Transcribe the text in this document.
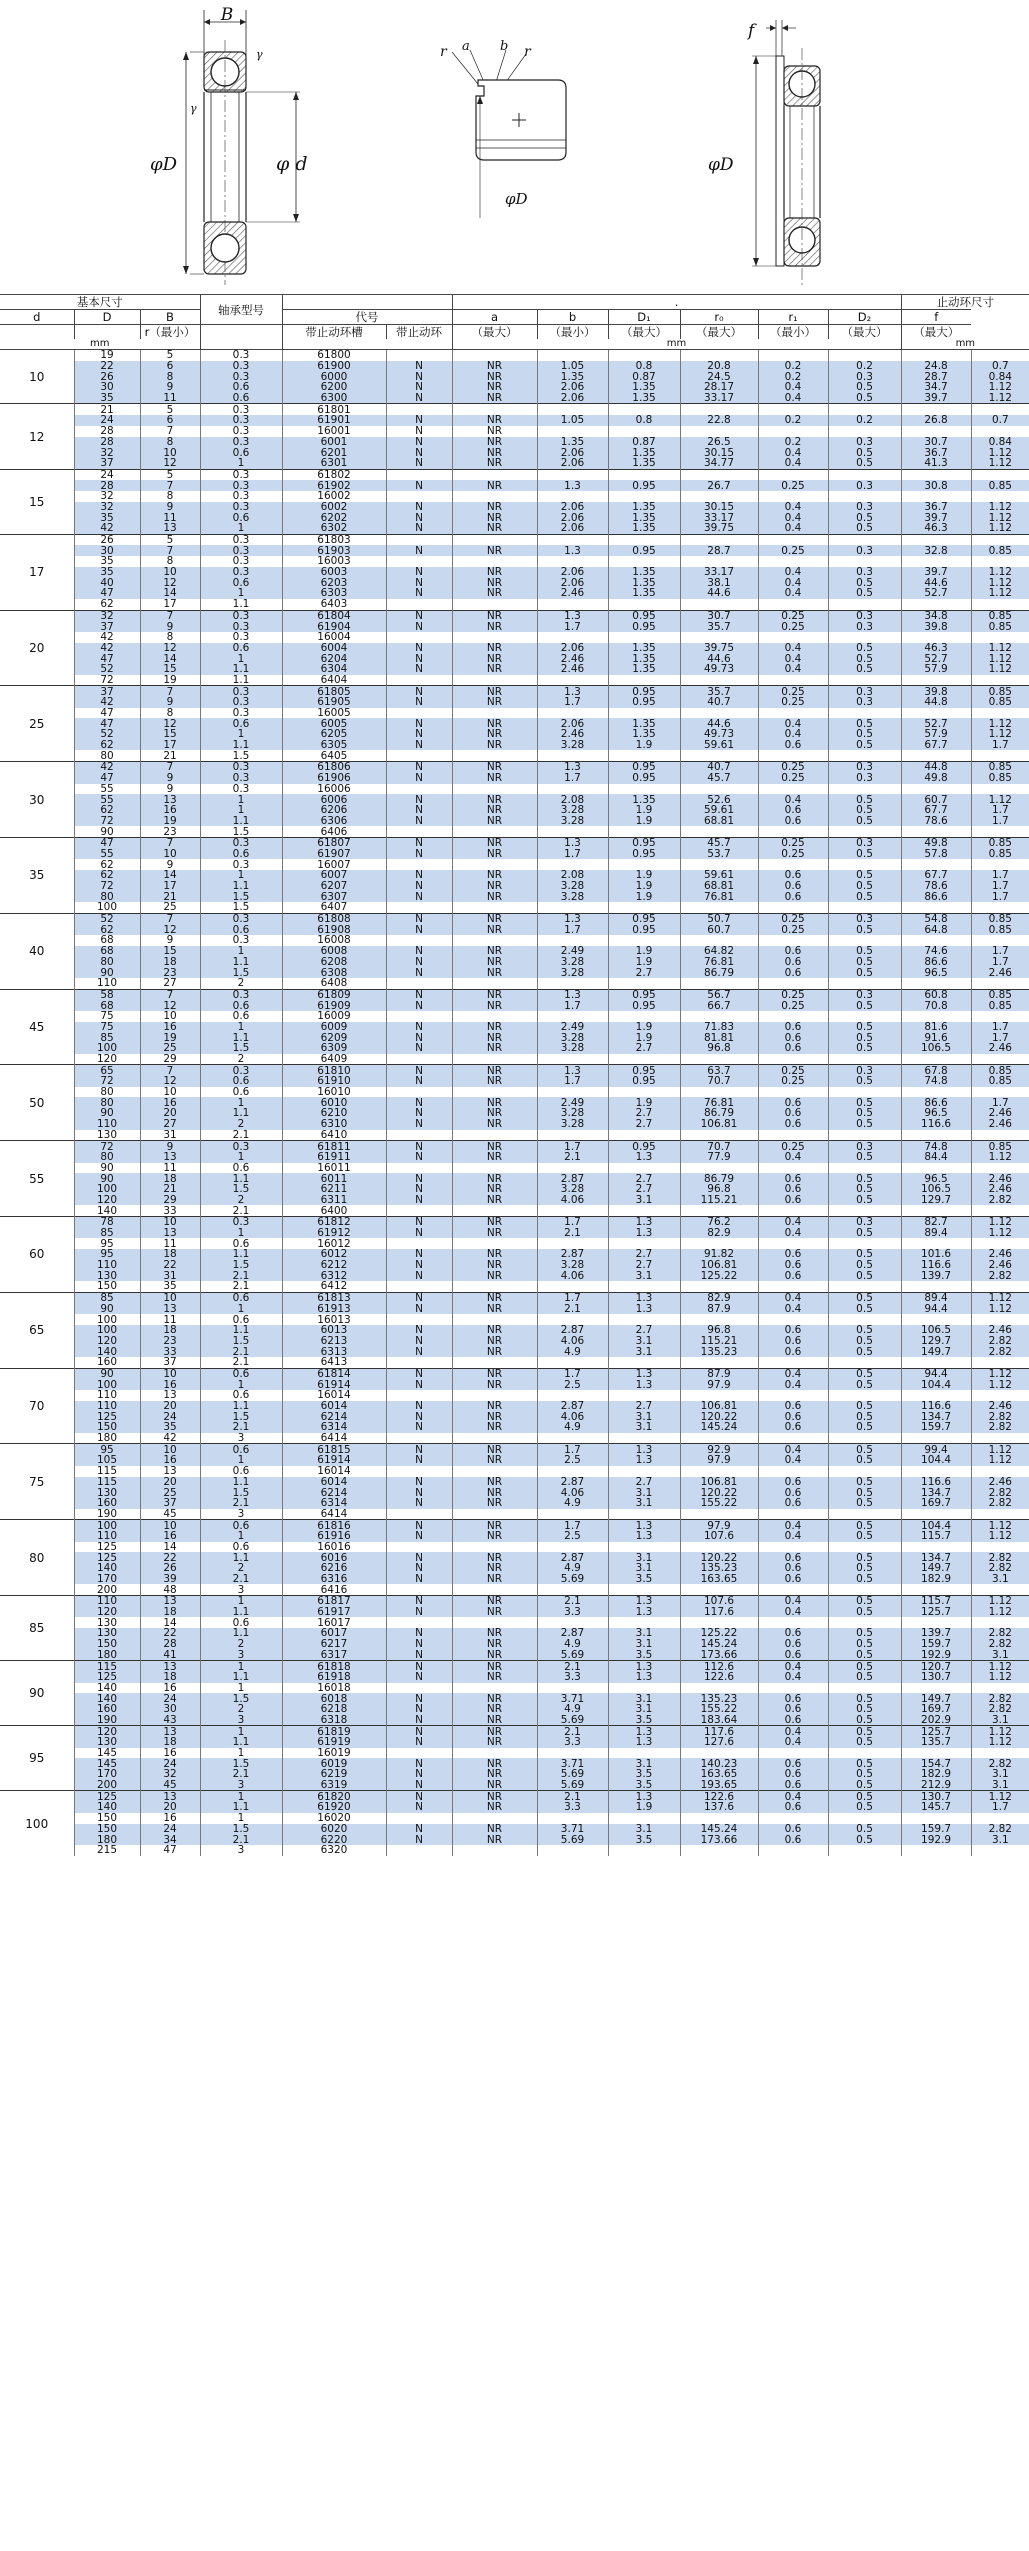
B
γ
γ
φD	φ d
r a b r
φD
f
φD
基本尺寸			轴承型号			.						止动环尺寸	
d	D	B		代号		a	b	D₁	r₀	r₁	D₂	f	
		r（最小）		带止动环槽	带止动环	（最大）	（最小）	（最大）	（最大）	（最小）	（最大）	（最大）	
mm						mm						mm	
10	19	5	0.3	61800									
	22	6	0.3	61900	N	NR	1.05	0.8	20.8	0.2	0.2	24.8	0.7
	26	8	0.3	6000	N	NR	1.35	0.87	24.5	0.2	0.3	28.7	0.84
	30	9	0.6	6200	N	NR	2.06	1.35	28.17	0.4	0.5	34.7	1.12
	35	11	0.6	6300	N	NR	2.06	1.35	33.17	0.4	0.5	39.7	1.12
12	21	5	0.3	61801									
	24	6	0.3	61901	N	NR	1.05	0.8	22.8	0.2	0.2	26.8	0.7
	28	7	0.3	16001	N	NR							
	28	8	0.3	6001	N	NR	1.35	0.87	26.5	0.2	0.3	30.7	0.84
	32	10	0.6	6201	N	NR	2.06	1.35	30.15	0.4	0.5	36.7	1.12
	37	12	1	6301	N	NR	2.06	1.35	34.77	0.4	0.5	41.3	1.12
15	24	5	0.3	61802									
	28	7	0.3	61902	N	NR	1.3	0.95	26.7	0.25	0.3	30.8	0.85
	32	8	0.3	16002									
	32	9	0.3	6002	N	NR	2.06	1.35	30.15	0.4	0.3	36.7	1.12
	35	11	0.6	6202	N	NR	2.06	1.35	33.17	0.4	0.5	39.7	1.12
	42	13	1	6302	N	NR	2.06	1.35	39.75	0.4	0.5	46.3	1.12
17	26	5	0.3	61803									
	30	7	0.3	61903	N	NR	1.3	0.95	28.7	0.25	0.3	32.8	0.85
	35	8	0.3	16003									
	35	10	0.3	6003	N	NR	2.06	1.35	33.17	0.4	0.3	39.7	1.12
	40	12	0.6	6203	N	NR	2.06	1.35	38.1	0.4	0.5	44.6	1.12
	47	14	1	6303	N	NR	2.46	1.35	44.6	0.4	0.5	52.7	1.12
	62	17	1.1	6403									
20	32	7	0.3	61804	N	NR	1.3	0.95	30.7	0.25	0.3	34.8	0.85
	37	9	0.3	61904	N	NR	1.7	0.95	35.7	0.25	0.3	39.8	0.85
	42	8	0.3	16004									
	42	12	0.6	6004	N	NR	2.06	1.35	39.75	0.4	0.5	46.3	1.12
	47	14	1	6204	N	NR	2.46	1.35	44.6	0.4	0.5	52.7	1.12
	52	15	1.1	6304	N	NR	2.46	1.35	49.73	0.4	0.5	57.9	1.12
	72	19	1.1	6404									
25	37	7	0.3	61805	N	NR	1.3	0.95	35.7	0.25	0.3	39.8	0.85
	42	9	0.3	61905	N	NR	1.7	0.95	40.7	0.25	0.3	44.8	0.85
	47	8	0.3	16005									
	47	12	0.6	6005	N	NR	2.06	1.35	44.6	0.4	0.5	52.7	1.12
	52	15	1	6205	N	NR	2.46	1.35	49.73	0.4	0.5	57.9	1.12
	62	17	1.1	6305	N	NR	3.28	1.9	59.61	0.6	0.5	67.7	1.7
	80	21	1.5	6405									
30	42	7	0.3	61806	N	NR	1.3	0.95	40.7	0.25	0.3	44.8	0.85
	47	9	0.3	61906	N	NR	1.7	0.95	45.7	0.25	0.3	49.8	0.85
	55	9	0.3	16006									
	55	13	1	6006	N	NR	2.08	1.35	52.6	0.4	0.5	60.7	1.12
	62	16	1	6206	N	NR	3.28	1.9	59.61	0.6	0.5	67.7	1.7
	72	19	1.1	6306	N	NR	3.28	1.9	68.81	0.6	0.5	78.6	1.7
	90	23	1.5	6406									
35	47	7	0.3	61807	N	NR	1.3	0.95	45.7	0.25	0.3	49.8	0.85
	55	10	0.6	61907	N	NR	1.7	0.95	53.7	0.25	0.5	57.8	0.85
	62	9	0.3	16007									
	62	14	1	6007	N	NR	2.08	1.9	59.61	0.6	0.5	67.7	1.7
	72	17	1.1	6207	N	NR	3.28	1.9	68.81	0.6	0.5	78.6	1.7
	80	21	1.5	6307	N	NR	3.28	1.9	76.81	0.6	0.5	86.6	1.7
	100	25	1.5	6407									
40	52	7	0.3	61808	N	NR	1.3	0.95	50.7	0.25	0.3	54.8	0.85
	62	12	0.6	61908	N	NR	1.7	0.95	60.7	0.25	0.5	64.8	0.85
	68	9	0.3	16008									
	68	15	1	6008	N	NR	2.49	1.9	64.82	0.6	0.5	74.6	1.7
	80	18	1.1	6208	N	NR	3.28	1.9	76.81	0.6	0.5	86.6	1.7
	90	23	1.5	6308	N	NR	3.28	2.7	86.79	0.6	0.5	96.5	2.46
	110	27	2	6408									
45	58	7	0.3	61809	N	NR	1.3	0.95	56.7	0.25	0.3	60.8	0.85
	68	12	0.6	61909	N	NR	1.7	0.95	66.7	0.25	0.5	70.8	0.85
	75	10	0.6	16009									
	75	16	1	6009	N	NR	2.49	1.9	71.83	0.6	0.5	81.6	1.7
	85	19	1.1	6209	N	NR	3.28	1.9	81.81	0.6	0.5	91.6	1.7
	100	25	1.5	6309	N	NR	3.28	2.7	96.8	0.6	0.5	106.5	2.46
	120	29	2	6409									
50	65	7	0.3	61810	N	NR	1.3	0.95	63.7	0.25	0.3	67.8	0.85
	72	12	0.6	61910	N	NR	1.7	0.95	70.7	0.25	0.5	74.8	0.85
	80	10	0.6	16010									
	80	16	1	6010	N	NR	2.49	1.9	76.81	0.6	0.5	86.6	1.7
	90	20	1.1	6210	N	NR	3.28	2.7	86.79	0.6	0.5	96.5	2.46
	110	27	2	6310	N	NR	3.28	2.7	106.81	0.6	0.5	116.6	2.46
	130	31	2.1	6410									
55	72	9	0.3	61811	N	NR	1.7	0.95	70.7	0.25	0.3	74.8	0.85
	80	13	1	61911	N	NR	2.1	1.3	77.9	0.4	0.5	84.4	1.12
	90	11	0.6	16011									
	90	18	1.1	6011	N	NR	2.87	2.7	86.79	0.6	0.5	96.5	2.46
	100	21	1.5	6211	N	NR	3.28	2.7	96.8	0.6	0.5	106.5	2.46
	120	29	2	6311	N	NR	4.06	3.1	115.21	0.6	0.5	129.7	2.82
	140	33	2.1	6400									
60	78	10	0.3	61812	N	NR	1.7	1.3	76.2	0.4	0.3	82.7	1.12
	85	13	1	61912	N	NR	2.1	1.3	82.9	0.4	0.5	89.4	1.12
	95	11	0.6	16012									
	95	18	1.1	6012	N	NR	2.87	2.7	91.82	0.6	0.5	101.6	2.46
	110	22	1.5	6212	N	NR	3.28	2.7	106.81	0.6	0.5	116.6	2.46
	130	31	2.1	6312	N	NR	4.06	3.1	125.22	0.6	0.5	139.7	2.82
	150	35	2.1	6412									
65	85	10	0.6	61813	N	NR	1.7	1.3	82.9	0.4	0.5	89.4	1.12
	90	13	1	61913	N	NR	2.1	1.3	87.9	0.4	0.5	94.4	1.12
	100	11	0.6	16013									
	100	18	1.1	6013	N	NR	2.87	2.7	96.8	0.6	0.5	106.5	2.46
	120	23	1.5	6213	N	NR	4.06	3.1	115.21	0.6	0.5	129.7	2.82
	140	33	2.1	6313	N	NR	4.9	3.1	135.23	0.6	0.5	149.7	2.82
	160	37	2.1	6413									
70	90	10	0.6	61814	N	NR	1.7	1.3	87.9	0.4	0.5	94.4	1.12
	100	16	1	61914	N	NR	2.5	1.3	97.9	0.4	0.5	104.4	1.12
	110	13	0.6	16014									
	110	20	1.1	6014	N	NR	2.87	2.7	106.81	0.6	0.5	116.6	2.46
	125	24	1.5	6214	N	NR	4.06	3.1	120.22	0.6	0.5	134.7	2.82
	150	35	2.1	6314	N	NR	4.9	3.1	145.24	0.6	0.5	159.7	2.82
	180	42	3	6414									
75	95	10	0.6	61815	N	NR	1.7	1.3	92.9	0.4	0.5	99.4	1.12
	105	16	1	61914	N	NR	2.5	1.3	97.9	0.4	0.5	104.4	1.12
	115	13	0.6	16014									
	115	20	1.1	6014	N	NR	2.87	2.7	106.81	0.6	0.5	116.6	2.46
	130	25	1.5	6214	N	NR	4.06	3.1	120.22	0.6	0.5	134.7	2.82
	160	37	2.1	6314	N	NR	4.9	3.1	155.22	0.6	0.5	169.7	2.82
	190	45	3	6414									
80	100	10	0.6	61816	N	NR	1.7	1.3	97.9	0.4	0.5	104.4	1.12
	110	16	1	61916	N	NR	2.5	1.3	107.6	0.4	0.5	115.7	1.12
	125	14	0.6	16016									
	125	22	1.1	6016	N	NR	2.87	3.1	120.22	0.6	0.5	134.7	2.82
	140	26	2	6216	N	NR	4.9	3.1	135.23	0.6	0.5	149.7	2.82
	170	39	2.1	6316	N	NR	5.69	3.5	163.65	0.6	0.5	182.9	3.1
	200	48	3	6416									
85	110	13	1	61817	N	NR	2.1	1.3	107.6	0.4	0.5	115.7	1.12
	120	18	1.1	61917	N	NR	3.3	1.3	117.6	0.4	0.5	125.7	1.12
	130	14	0.6	16017									
	130	22	1.1	6017	N	NR	2.87	3.1	125.22	0.6	0.5	139.7	2.82
	150	28	2	6217	N	NR	4.9	3.1	145.24	0.6	0.5	159.7	2.82
	180	41	3	6317	N	NR	5.69	3.5	173.66	0.6	0.5	192.9	3.1
90	115	13	1	61818	N	NR	2.1	1.3	112.6	0.4	0.5	120.7	1.12
	125	18	1.1	61918	N	NR	3.3	1.3	122.6	0.4	0.5	130.7	1.12
	140	16	1	16018									
	140	24	1.5	6018	N	NR	3.71	3.1	135.23	0.6	0.5	149.7	2.82
	160	30	2	6218	N	NR	4.9	3.1	155.22	0.6	0.5	169.7	2.82
	190	43	3	6318	N	NR	5.69	3.5	183.64	0.6	0.5	202.9	3.1
95	120	13	1	61819	N	NR	2.1	1.3	117.6	0.4	0.5	125.7	1.12
	130	18	1.1	61919	N	NR	3.3	1.3	127.6	0.4	0.5	135.7	1.12
	145	16	1	16019									
	145	24	1.5	6019	N	NR	3.71	3.1	140.23	0.6	0.5	154.7	2.82
	170	32	2.1	6219	N	NR	5.69	3.5	163.65	0.6	0.5	182.9	3.1
	200	45	3	6319	N	NR	5.69	3.5	193.65	0.6	0.5	212.9	3.1
100	125	13	1	61820	N	NR	2.1	1.3	122.6	0.4	0.5	130.7	1.12
	140	20	1.1	61920	N	NR	3.3	1.9	137.6	0.6	0.5	145.7	1.7
	150	16	1	16020									
	150	24	1.5	6020	N	NR	3.71	3.1	145.24	0.6	0.5	159.7	2.82
	180	34	2.1	6220	N	NR	5.69	3.5	173.66	0.6	0.5	192.9	3.1
	215	47	3	6320									
